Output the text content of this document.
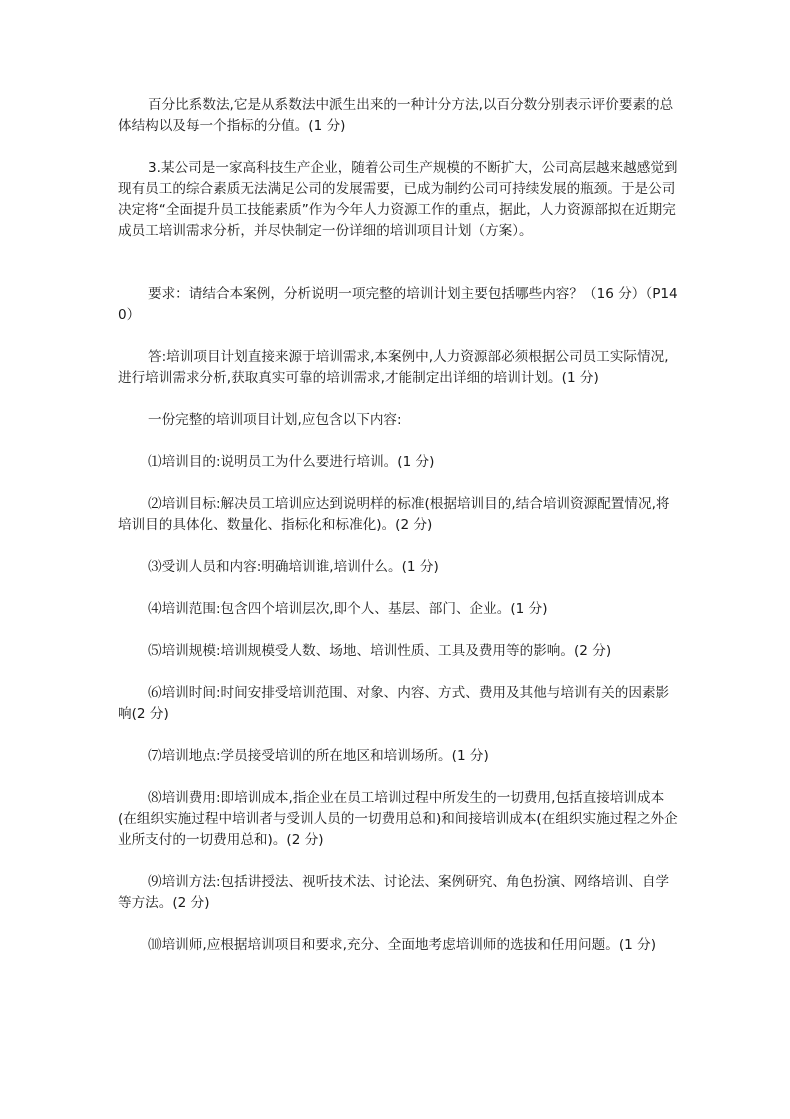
百分比系数法,它是从系数法中派生出来的一种计分方法,以百分数分别表示评价要素的总体结构以及每一个指标的分值。(1 分)

3.某公司是一家高科技生产企业，随着公司生产规模的不断扩大，公司高层越来越感觉到现有员工的综合素质无法满足公司的发展需要，已成为制约公司可持续发展的瓶颈。于是公司决定将“全面提升员工技能素质”作为今年人力资源工作的重点，据此，人力资源部拟在近期完成员工培训需求分析，并尽快制定一份详细的培训项目计划（方案）。

要求：请结合本案例，分析说明一项完整的培训计划主要包括哪些内容？（16 分）（P140）

答:培训项目计划直接来源于培训需求,本案例中,人力资源部必须根据公司员工实际情况,进行培训需求分析,获取真实可靠的培训需求,才能制定出详细的培训计划。(1 分)

一份完整的培训项目计划,应包含以下内容:

⑴培训目的:说明员工为什么要进行培训。(1 分)

⑵培训目标:解决员工培训应达到说明样的标准(根据培训目的,结合培训资源配置情况,将培训目的具体化、数量化、指标化和标准化)。(2 分)

⑶受训人员和内容:明确培训谁,培训什么。(1 分)

⑷培训范围:包含四个培训层次,即个人、基层、部门、企业。(1 分)

⑸培训规模:培训规模受人数、场地、培训性质、工具及费用等的影响。(2 分)

⑹培训时间:时间安排受培训范围、对象、内容、方式、费用及其他与培训有关的因素影响(2 分)

⑺培训地点:学员接受培训的所在地区和培训场所。(1 分)

⑻培训费用:即培训成本,指企业在员工培训过程中所发生的一切费用,包括直接培训成本(在组织实施过程中培训者与受训人员的一切费用总和)和间接培训成本(在组织实施过程之外企业所支付的一切费用总和)。(2 分)

⑼培训方法:包括讲授法、视听技术法、讨论法、案例研究、角色扮演、网络培训、自学等方法。(2 分)

⑽培训师,应根据培训项目和要求,充分、全面地考虑培训师的选拔和任用问题。(1 分)
